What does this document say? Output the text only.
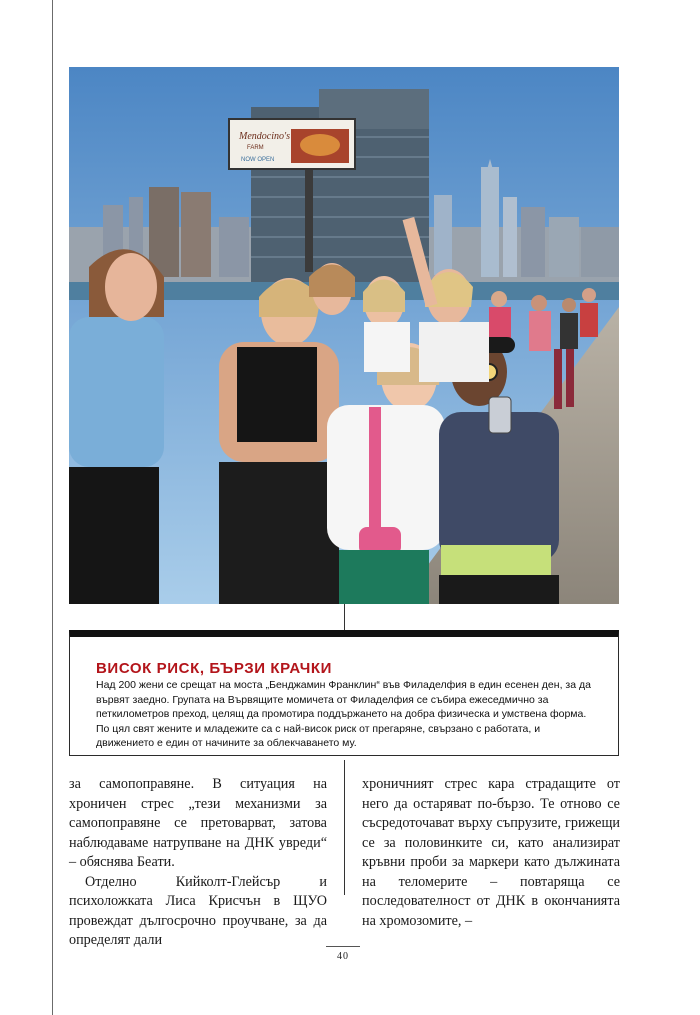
Mendocino's
FARM
NOW OPEN
ВИСОК РИСК, БЪРЗИ КРАЧКИ
Над 200 жени се срещат на моста „Бенджамин Франклин“ във Филаделфия в един есенен ден, за да вървят заедно. Групата на Вървящите момичета от Филаделфия се събира ежеседмично за петкилометров преход, целящ да промотира поддържането на добра физическа и умствена форма. По цял свят жените и младежите са с най-висок риск от прегаряне, свързано с работата, и движението е един от начините за облекчаването му.

за самопоправяне. В ситуация на хроничен стрес „тези механизми за самопоправяне се претоварват, затова наблюдаваме натрупване на ДНК увреди“ – обяснява Беати.

Отделно Кийколт-Глейсър и психоложката Лиса Крисчън в ЩУО провеждат дългосрочно проучване, за да определят дали

хроничният стрес кара страдащите от него да остаряват по-бързо. Те отново се съсредоточават върху съпрузите, грижещи се за половинките си, като анализират кръвни проби за маркери като дължината на теломерите – повтаряща се последователност от ДНК в окончанията на хромозомите, –

40
